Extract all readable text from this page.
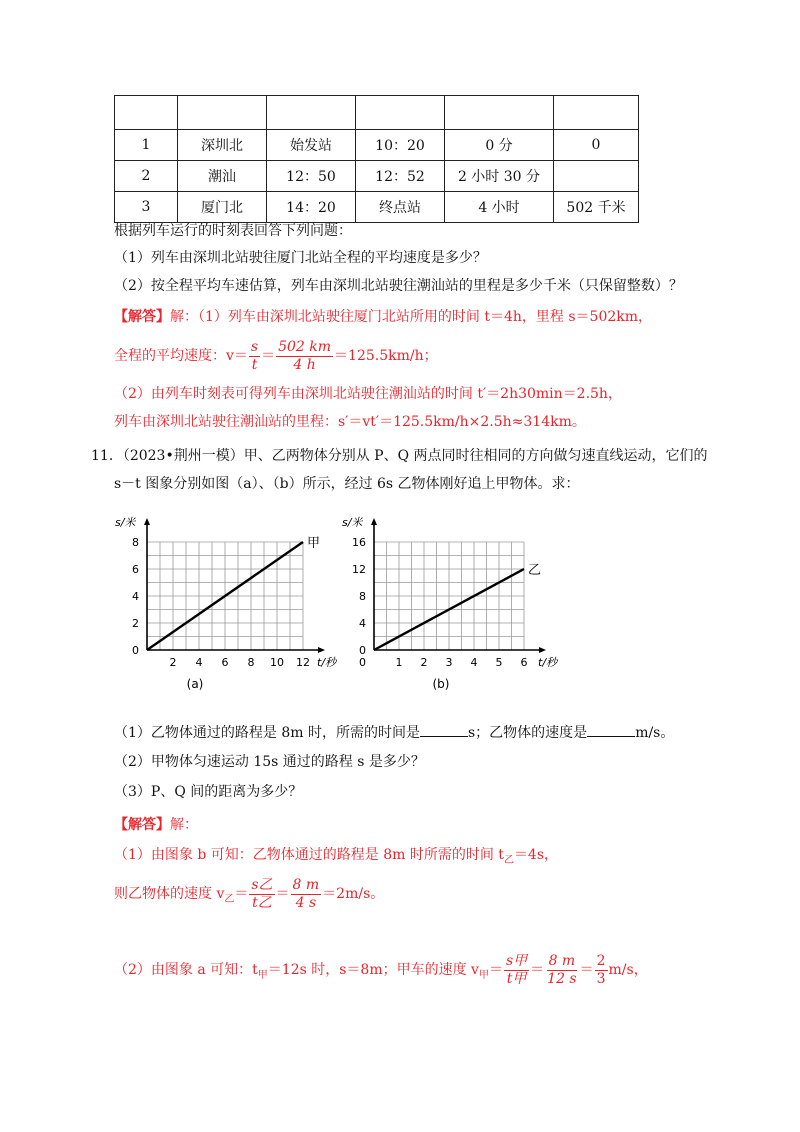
1	深圳北	始发站	10：20	0 分	0
2	潮汕	12：50	12：52	2 小时 30 分	
3	厦门北	14：20	终点站	4 小时	502 千米
根据列车运行的时刻表回答下列问题：
（1）列车由深圳北站驶往厦门北站全程的平均速度是多少？
（2）按全程平均车速估算，列车由深圳北站驶往潮汕站的里程是多少千米（只保留整数）？
【解答】解：（1）列车由深圳北站驶往厦门北站所用的时间 t＝4h，里程 s＝502km，
全程的平均速度：$v= \frac{s}{t} = \frac{502 km}{4 h} =125.5km/h$；
（2）由列车时刻表可得列车由深圳北站驶往潮汕站的时间 t′＝2h30min＝2.5h，
列车由深圳北站驶往潮汕站的里程：s′＝vt′＝125.5km/h×2.5h≈314km。
11．（2023•荆州一模）甲、乙两物体分别从 P、Q 两点同时往相同的方向做匀速直线运动，它们的
s－t 图象分别如图（a）、（b）所示，经过 6s 乙物体刚好追上甲物体。求：
2 4 6 8 10 12
0
2
4
6
8
t/秒
s/米
甲
(a)
1 2 3 4 5 6
0
4
8
12
16
0	t/秒
s/米
乙
(b)
（1）乙物体通过的路程是 8m 时，所需的时间是	s；乙物体的速度是	m/s。
（2）甲物体匀速运动 15s 通过的路程 s 是多少？
（3）P、Q 间的距离为多少？
【解答】解：
（1）由图象 b 可知：乙物体通过的路程是 8m 时所需的时间 $t_乙=4s$，
则乙物体的速度 $v_乙= \frac{\text{s乙}}{\text{t乙}} = \frac{8 m}{4 s} =2m/s$。
（2）由图象 a 可知：$t_甲=12s$ 时，s＝8m；甲车的速度 $v_甲= \frac{\text{s甲}}{\text{t甲}} = \frac{8 m}{12 s} = \frac{2}{3} m/s$，
